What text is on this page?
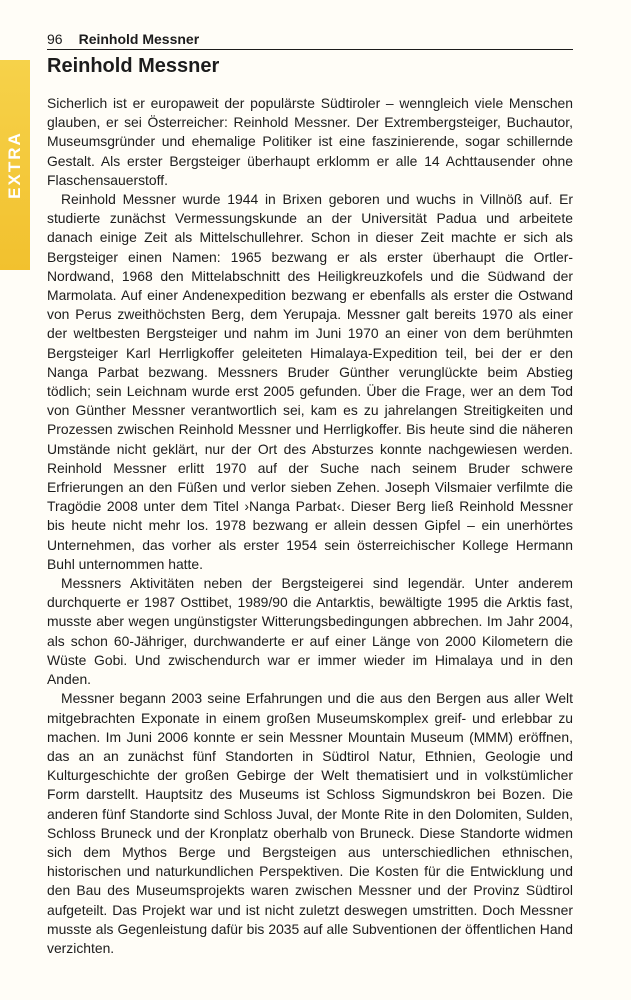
EXTRA
96 Reinhold Messner
Reinhold Messner

Sicherlich ist er europaweit der populärste Südtiroler – wenngleich viele Menschen glauben, er sei Österreicher: Reinhold Messner. Der Extrembergsteiger, Buchautor, Museumsgründer und ehemalige Politiker ist eine faszinierende, sogar schillernde Gestalt. Als erster Bergsteiger überhaupt erklomm er alle 14 Achttausender ohne Flaschensauerstoff.

Reinhold Messner wurde 1944 in Brixen geboren und wuchs in Villnöß auf. Er studierte zunächst Vermessungskunde an der Universität Padua und arbeitete danach einige Zeit als Mittelschullehrer. Schon in dieser Zeit machte er sich als Bergsteiger einen Namen: 1965 bezwang er als erster überhaupt die Ortler-Nordwand, 1968 den Mittelabschnitt des Heiligkreuzkofels und die Südwand der Marmolata. Auf einer Andenexpedition bezwang er ebenfalls als erster die Ostwand von Perus zweithöchsten Berg, dem Yerupaja. Messner galt bereits 1970 als einer der weltbesten Bergsteiger und nahm im Juni 1970 an einer von dem berühmten Bergsteiger Karl Herrligkoffer geleiteten Himalaya-Expedition teil, bei der er den Nanga Parbat bezwang. Messners Bruder Günther verunglückte beim Abstieg tödlich; sein Leichnam wurde erst 2005 gefunden. Über die Frage, wer an dem Tod von Günther Messner verantwortlich sei, kam es zu jahrelangen Streitigkeiten und Prozessen zwischen Reinhold Messner und Herrligkoffer. Bis heute sind die näheren Umstände nicht geklärt, nur der Ort des Absturzes konnte nachgewiesen werden. Reinhold Messner erlitt 1970 auf der Suche nach seinem Bruder schwere Erfrierungen an den Füßen und verlor sieben Zehen. Joseph Vilsmaier verfilmte die Tragödie 2008 unter dem Titel ›Nanga Parbat‹. Dieser Berg ließ Reinhold Messner bis heute nicht mehr los. 1978 bezwang er allein dessen Gipfel – ein unerhörtes Unternehmen, das vorher als erster 1954 sein österreichischer Kollege Hermann Buhl unternommen hatte.

Messners Aktivitäten neben der Bergsteigerei sind legendär. Unter anderem durchquerte er 1987 Osttibet, 1989/90 die Antarktis, bewältigte 1995 die Arktis fast, musste aber wegen ungünstigster Witterungsbedingungen abbrechen. Im Jahr 2004, als schon 60-Jähriger, durchwanderte er auf einer Länge von 2000 Kilometern die Wüste Gobi. Und zwischendurch war er immer wieder im Himalaya und in den Anden.

Messner begann 2003 seine Erfahrungen und die aus den Bergen aus aller Welt mitgebrachten Exponate in einem großen Museumskomplex greif- und erlebbar zu machen. Im Juni 2006 konnte er sein Messner Mountain Museum (MMM) eröffnen, das an an zunächst fünf Standorten in Südtirol Natur, Ethnien, Geologie und Kulturgeschichte der großen Gebirge der Welt thematisiert und in volkstümlicher Form darstellt. Hauptsitz des Museums ist Schloss Sigmundskron bei Bozen. Die anderen fünf Standorte sind Schloss Juval, der Monte Rite in den Dolomiten, Sulden, Schloss Bruneck und der Kronplatz oberhalb von Bruneck. Diese Standorte widmen sich dem Mythos Berge und Bergsteigen aus unterschiedlichen ethnischen, historischen und naturkundlichen Perspektiven. Die Kosten für die Entwicklung und den Bau des Museumsprojekts waren zwischen Messner und der Provinz Südtirol aufgeteilt. Das Projekt war und ist nicht zuletzt deswegen umstritten. Doch Messner musste als Gegenleistung dafür bis 2035 auf alle Subventionen der öffentlichen Hand verzichten.
